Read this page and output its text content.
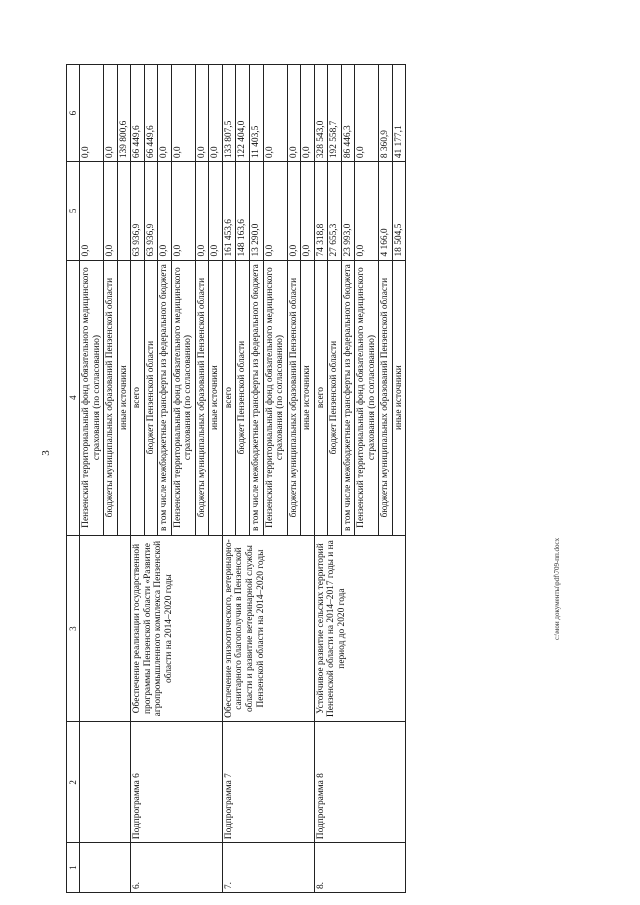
3
c:\мои документы\pdf\709-пп.docx
1	2	3	4	5	6
			Пензенский территориальный фонд обязательного медицинского страхования (по согласованию)	0,0	0,0
			бюджеты муниципальных образований Пензенской области	0,0	0,0
			иные источники		139 800,6
6.	Подпрограмма 6	Обеспечение реализации государственной программы Пензенской области «Развитие агропромышленного комплекса Пензенской области на 2014–2020 годы	всего	63 936,9	66 449,6
			бюджет Пензенской области	63 936,9	66 449,6
			в том числе межбюджетные трансферты из федерального бюджета	0,0	0,0
			Пензенский территориальный фонд обязательного медицинского страхования (по согласованию)	0,0	0,0
			бюджеты муниципальных образований Пензенской области	0,0	0,0
			иные источники	0,0	0,0
7.	Подпрограмма 7	Обеспечение эпизоотического, ветеринарно-санитарного благополучия в Пензенской области и развитие ветеринарной службы Пензенской области на 2014–2020 годы	всего	161 453,6	133 807,5
			бюджет Пензенской области	148 163,6	122 404,0
			в том числе межбюджетные трансферты из федерального бюджета	13 290,0	11 403,5
			Пензенский территориальный фонд обязательного медицинского страхования (по согласованию)	0,0	0,0
			бюджеты муниципальных образований Пензенской области	0,0	0,0
			иные источники	0,0	0,0
8.	Подпрограмма 8	Устойчивое развитие сельских территорий Пензенской области на 2014–2017 годы и на период до 2020 года	всего	74 318,8	328 543,0
			бюджет Пензенской области	27 655,3	192 558,7
			в том числе межбюджетные трансферты из федерального бюджета	23 993,0	86 446,3
			Пензенский территориальный фонд обязательного медицинского страхования (по согласованию)	0,0	0,0
			бюджеты муниципальных образований Пензенской области	4 166,0	8 360,9
			иные источники	18 504,5	41 177,1
